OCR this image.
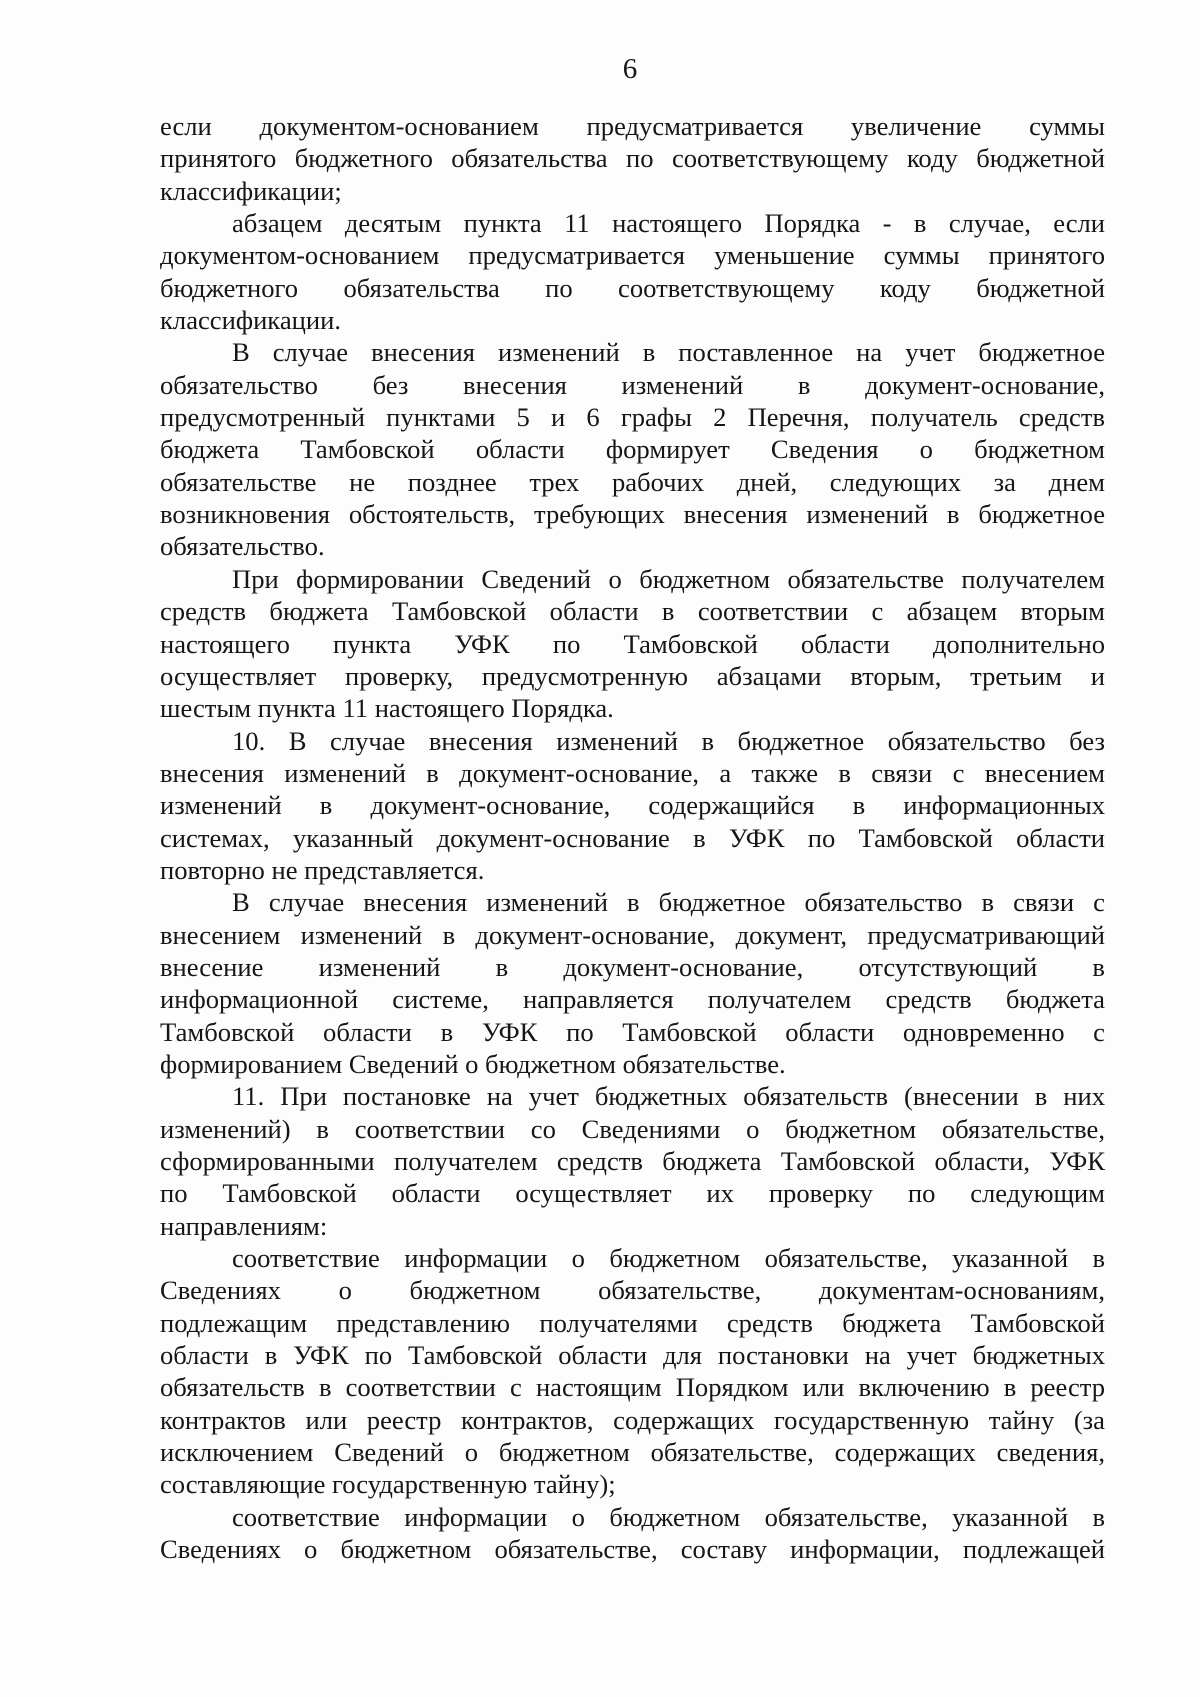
6
если документом-основанием предусматривается увеличение суммы
принятого бюджетного обязательства по соответствующему коду бюджетной
классификации;
абзацем десятым пункта 11 настоящего Порядка - в случае, если
документом-основанием предусматривается уменьшение суммы принятого
бюджетного обязательства по соответствующему коду бюджетной
классификации.
В случае внесения изменений в поставленное на учет бюджетное
обязательство без внесения изменений в документ-основание,
предусмотренный пунктами 5 и 6 графы 2 Перечня, получатель средств
бюджета Тамбовской области формирует Сведения о бюджетном
обязательстве не позднее трех рабочих дней, следующих за днем
возникновения обстоятельств, требующих внесения изменений в бюджетное
обязательство.
При формировании Сведений о бюджетном обязательстве получателем
средств бюджета Тамбовской области в соответствии с абзацем вторым
настоящего пункта УФК по Тамбовской области дополнительно
осуществляет проверку, предусмотренную абзацами вторым, третьим и
шестым пункта 11 настоящего Порядка.
10. В случае внесения изменений в бюджетное обязательство без
внесения изменений в документ-основание, а также в связи с внесением
изменений в документ-основание, содержащийся в информационных
системах, указанный документ-основание в УФК по Тамбовской области
повторно не представляется.
В случае внесения изменений в бюджетное обязательство в связи с
внесением изменений в документ-основание, документ, предусматривающий
внесение изменений в документ-основание, отсутствующий в
информационной системе, направляется получателем средств бюджета
Тамбовской области в УФК по Тамбовской области одновременно с
формированием Сведений о бюджетном обязательстве.
11. При постановке на учет бюджетных обязательств (внесении в них
изменений) в соответствии со Сведениями о бюджетном обязательстве,
сформированными получателем средств бюджета Тамбовской области, УФК
по Тамбовской области осуществляет их проверку по следующим
направлениям:
соответствие информации о бюджетном обязательстве, указанной в
Сведениях о бюджетном обязательстве, документам-основаниям,
подлежащим представлению получателями средств бюджета Тамбовской
области в УФК по Тамбовской области для постановки на учет бюджетных
обязательств в соответствии с настоящим Порядком или включению в реестр
контрактов или реестр контрактов, содержащих государственную тайну (за
исключением Сведений о бюджетном обязательстве, содержащих сведения,
составляющие государственную тайну);
соответствие информации о бюджетном обязательстве, указанной в
Сведениях о бюджетном обязательстве, составу информации, подлежащей
